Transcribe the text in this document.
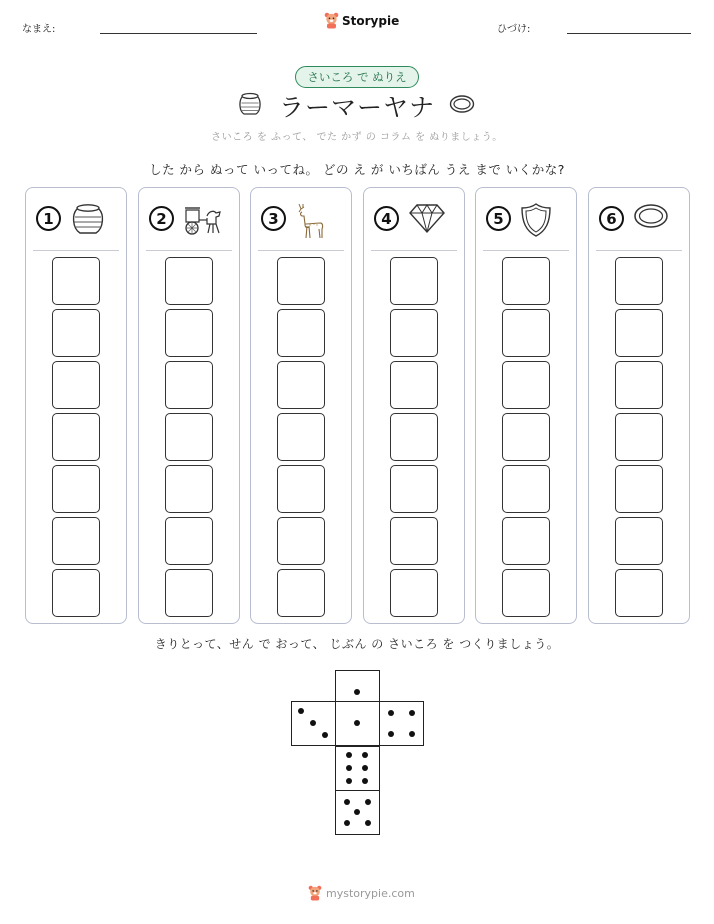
なまえ:
Storypie
ひづけ:
さいころ で ぬりえ
ラーマーヤナ
さいころ を ふって、 でた かず の コラム を ぬりましょう。
した から ぬって いってね。 どの え が いちばん うえ まで いくかな?
1	2	3	4	5	6
きりとって、せん で おって、 じぶん の さいころ を つくりましょう。
mystorypie.com
